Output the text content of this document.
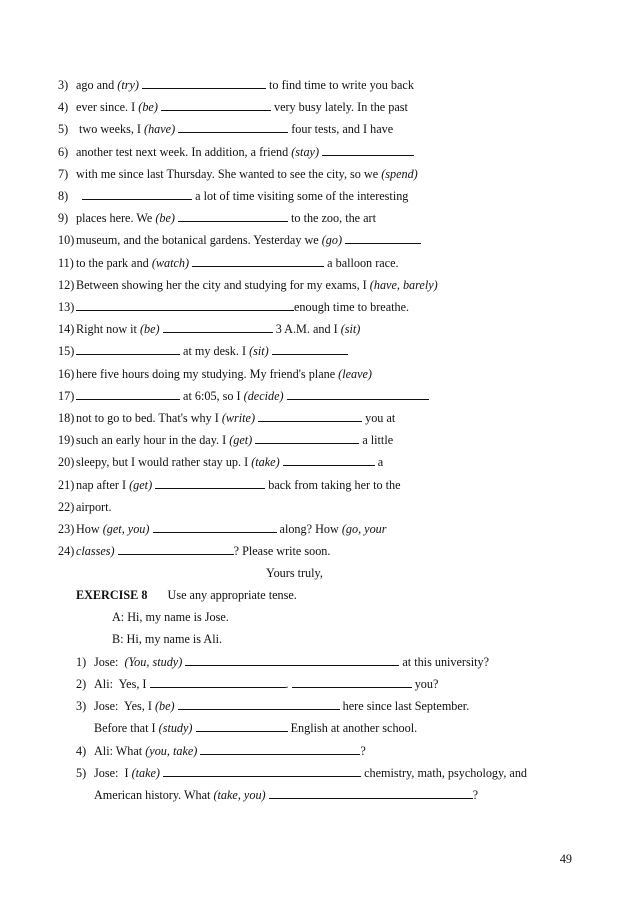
3) ago and (try)	to find time to write you back
4) ever since. I (be)	very busy lately. In the past
5) two weeks, I (have)	four tests, and I have
6) another test next week. In addition, a friend (stay)
7) with me since last Thursday. She wanted to see the city, so we (spend)
8)	a lot of time visiting some of the interesting
9) places here. We (be)	to the zoo, the art
10) museum, and the botanical gardens. Yesterday we (go)
11) to the park and (watch)	a balloon race.
12) Between showing her the city and studying for my exams, I (have, barely)
13)	enough time to breathe.
14) Right now it (be)	3 A.M. and I (sit)
15)	at my desk. I (sit)
16) here five hours doing my studying. My friend's plane (leave)
17)	at 6:05, so I (decide)
18) not to go to bed. That's why I (write)	you at
19) such an early hour in the day. I (get)	a little
20) sleepy, but I would rather stay up. I (take)	a
21) nap after I (get)	back from taking her to the
22) airport.
23) How (get, you)	along? How (go, your
24) classes)	? Please write soon.
Yours truly,
EXERCISE 8 Use any appropriate tense.
A: Hi, my name is Jose.
B: Hi, my name is Ali.
1) Jose:  (You, study)	at this university?
2) Ali:  Yes, I	.	you?
3) Jose:  Yes, I (be)	here since last September.
Before that I (study)	English at another school.
4) Ali: What (you, take)	?
5) Jose:  I (take)	chemistry, math, psychology, and
American history. What (take, you)	?
49
